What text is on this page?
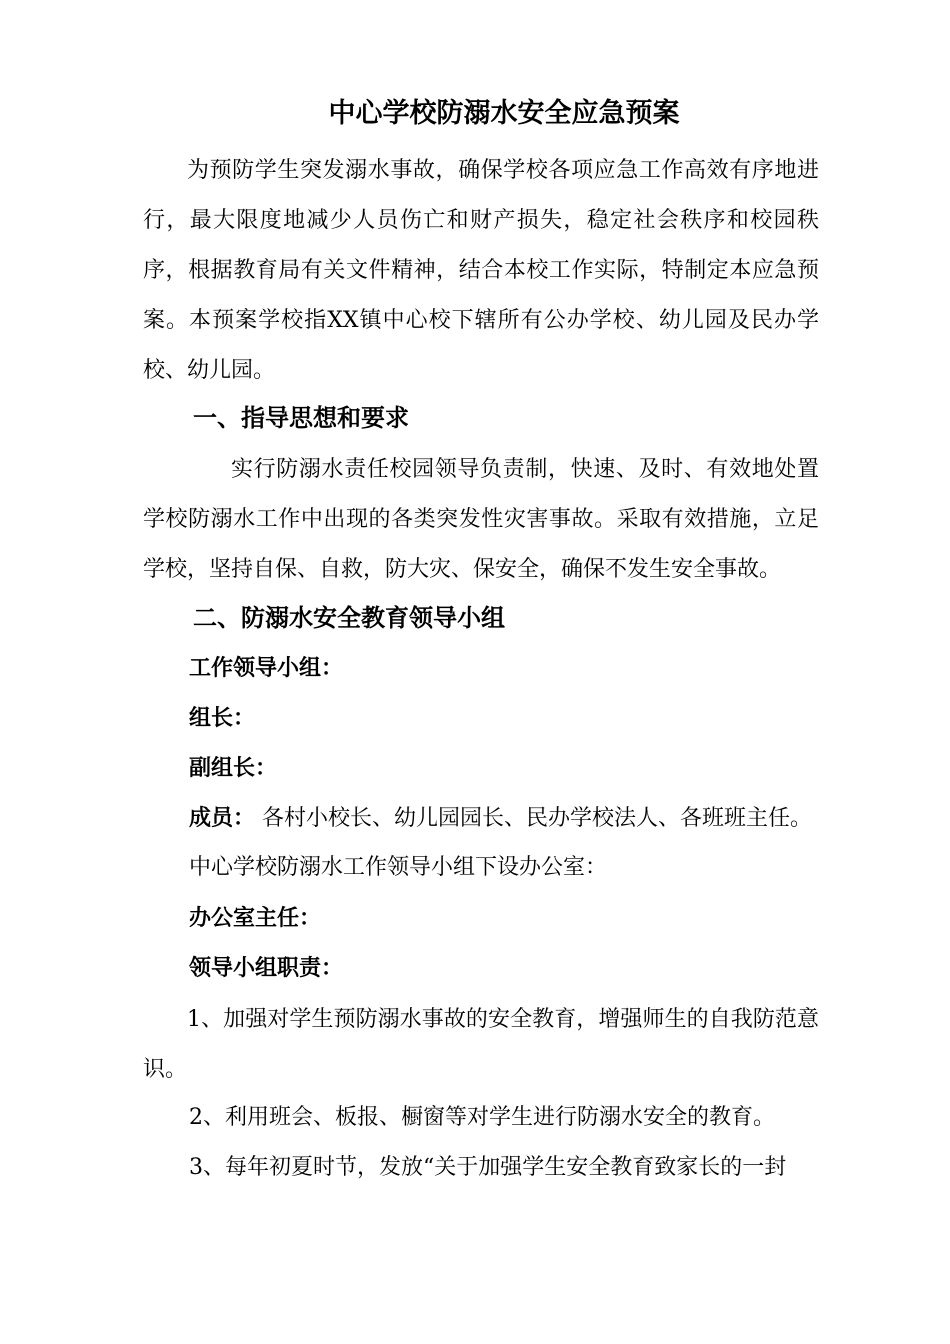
中心学校防溺水安全应急预案

为预防学生突发溺水事故，确保学校各项应急工作高效有序地进行，最大限度地减少人员伤亡和财产损失，稳定社会秩序和校园秩序，根据教育局有关文件精神，结合本校工作实际，特制定本应急预案。本预案学校指XX镇中心校下辖所有公办学校、幼儿园及民办学校、幼儿园。

一、指导思想和要求

实行防溺水责任校园领导负责制，快速、及时、有效地处置学校防溺水工作中出现的各类突发性灾害事故。采取有效措施，立足学校，坚持自保、自救，防大灾、保安全，确保不发生安全事故。

二、防溺水安全教育领导小组
工作领导小组：
组长：
副组长：
成员： 各村小校长、幼儿园园长、民办学校法人、各班班主任。
中心学校防溺水工作领导小组下设办公室：
办公室主任：
领导小组职责：

1、加强对学生预防溺水事故的安全教育，增强师生的自我防范意识。

2、利用班会、板报、橱窗等对学生进行防溺水安全的教育。
3、每年初夏时节，发放“关于加强学生安全教育致家长的一封
